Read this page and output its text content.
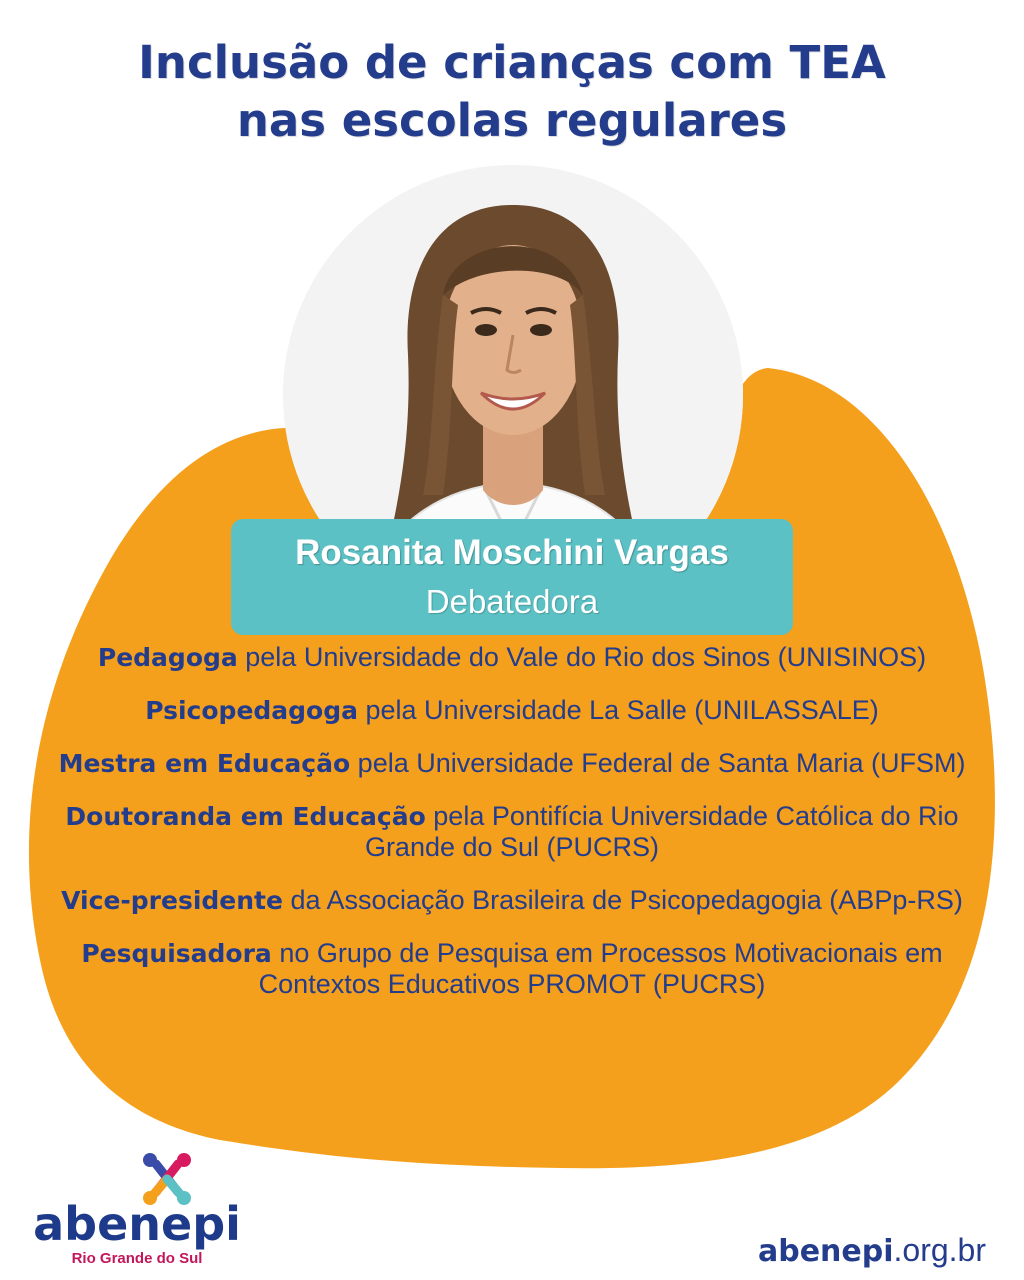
Inclusão de crianças com TEA
nas escolas regulares
Rosanita Moschini Vargas
Debatedora

Pedagoga pela Universidade do Vale do Rio dos Sinos (UNISINOS)

Psicopedagoga pela Universidade La Salle (UNILASSALE)

Mestra em Educação pela Universidade Federal de Santa Maria (UFSM)

Doutoranda em Educação pela Pontifícia Universidade Católica do Rio Grande do Sul (PUCRS)

Vice-presidente da Associação Brasileira de Psicopedagogia (ABPp-RS)

Pesquisadora no Grupo de Pesquisa em Processos Motivacionais em Contextos Educativos PROMOT (PUCRS)

abenepi
Rio Grande do Sul	abenepi.org.br
